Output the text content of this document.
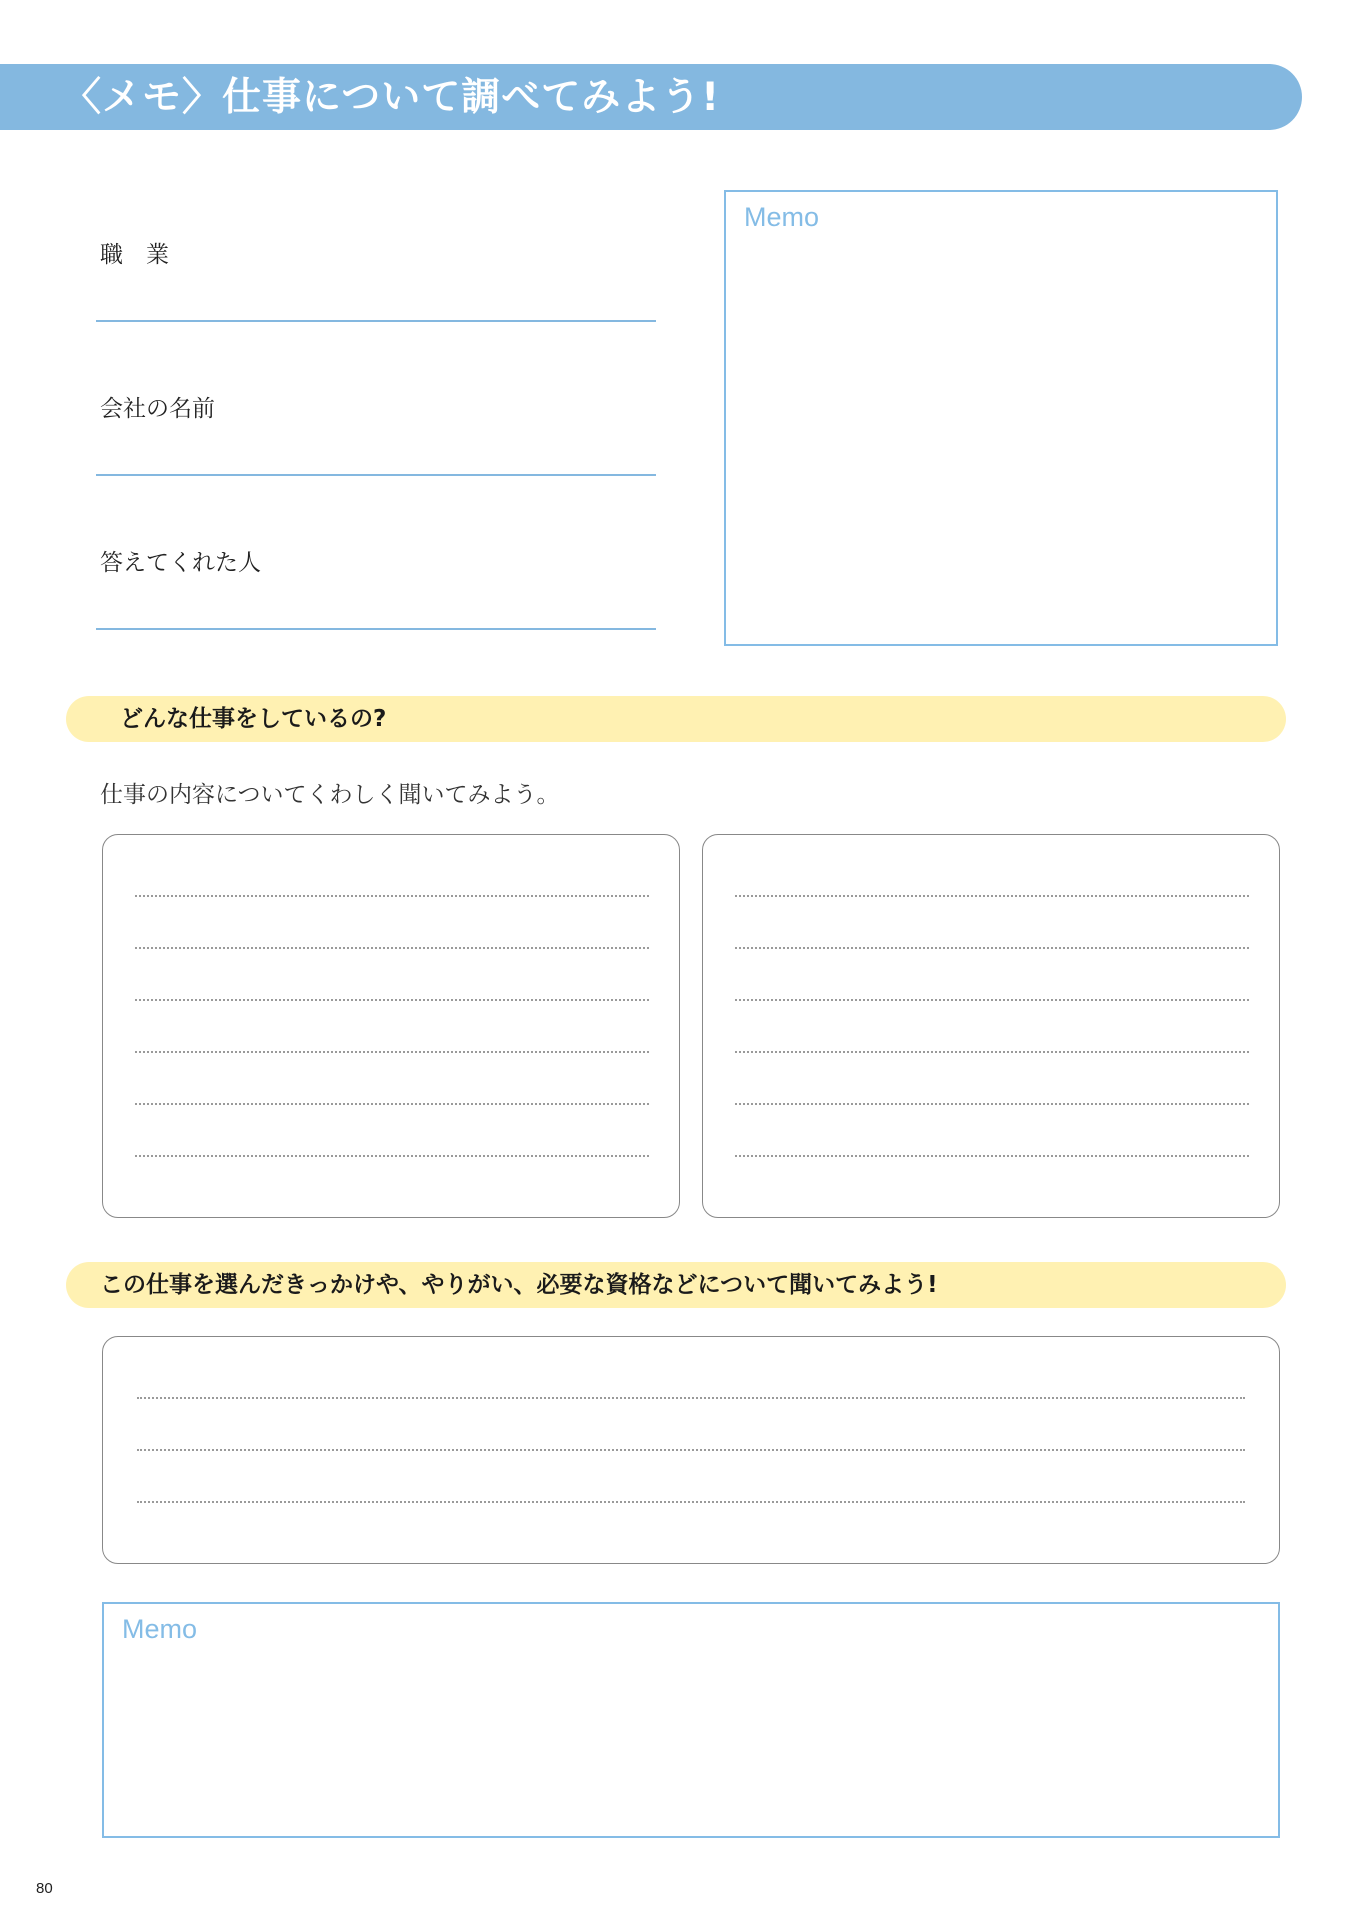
〈メモ〉仕事について調べてみよう!
職　業
会社の名前
答えてくれた人
Memo
どんな仕事をしているの?
仕事の内容についてくわしく聞いてみよう。
この仕事を選んだきっかけや、やりがい、必要な資格などについて聞いてみよう!
Memo
80
